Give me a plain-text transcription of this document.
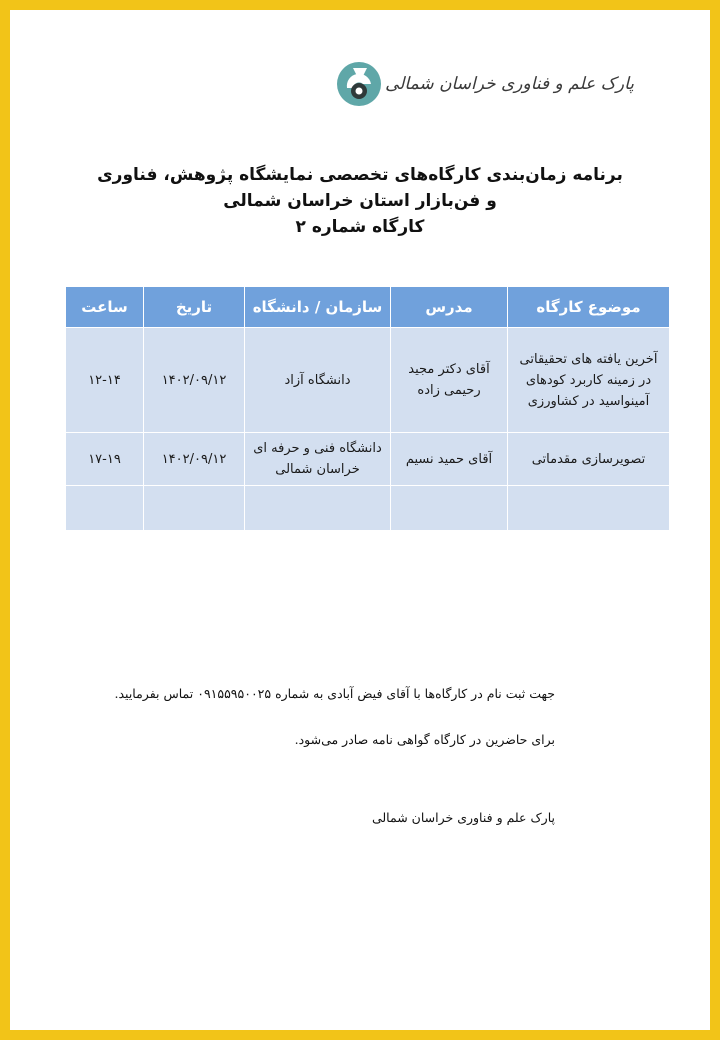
پارک علم و فناوری خراسان شمالی
برنامه زمان‌بندی کارگاه‌های تخصصی نمایشگاه پژوهش، فناوری
و فن‌بازار استان خراسان شمالی
کارگاه شماره ۲
موضوع کارگاه	مدرس	سازمان / دانشگاه	تاریخ	ساعت
آخرین یافته های تحقیقاتی در زمینه کاربرد کودهای آمینواسید در کشاورزی	آقای دکتر مجید رحیمی زاده	دانشگاه آزاد	۱۴۰۲/۰۹/۱۲	۱۲-۱۴
تصویرسازی مقدماتی	آقای حمید نسیم	دانشگاه فنی و حرفه ای خراسان شمالی	۱۴۰۲/۰۹/۱۲	۱۷-۱۹

جهت ثبت نام در کارگاه‌ها با آقای فیض آبادی به شماره ۰۹۱۵۵۹۵۰۰۲۵ تماس بفرمایید.
برای حاضرین در کارگاه گواهی نامه صادر می‌شود.
پارک علم و فناوری خراسان شمالی
